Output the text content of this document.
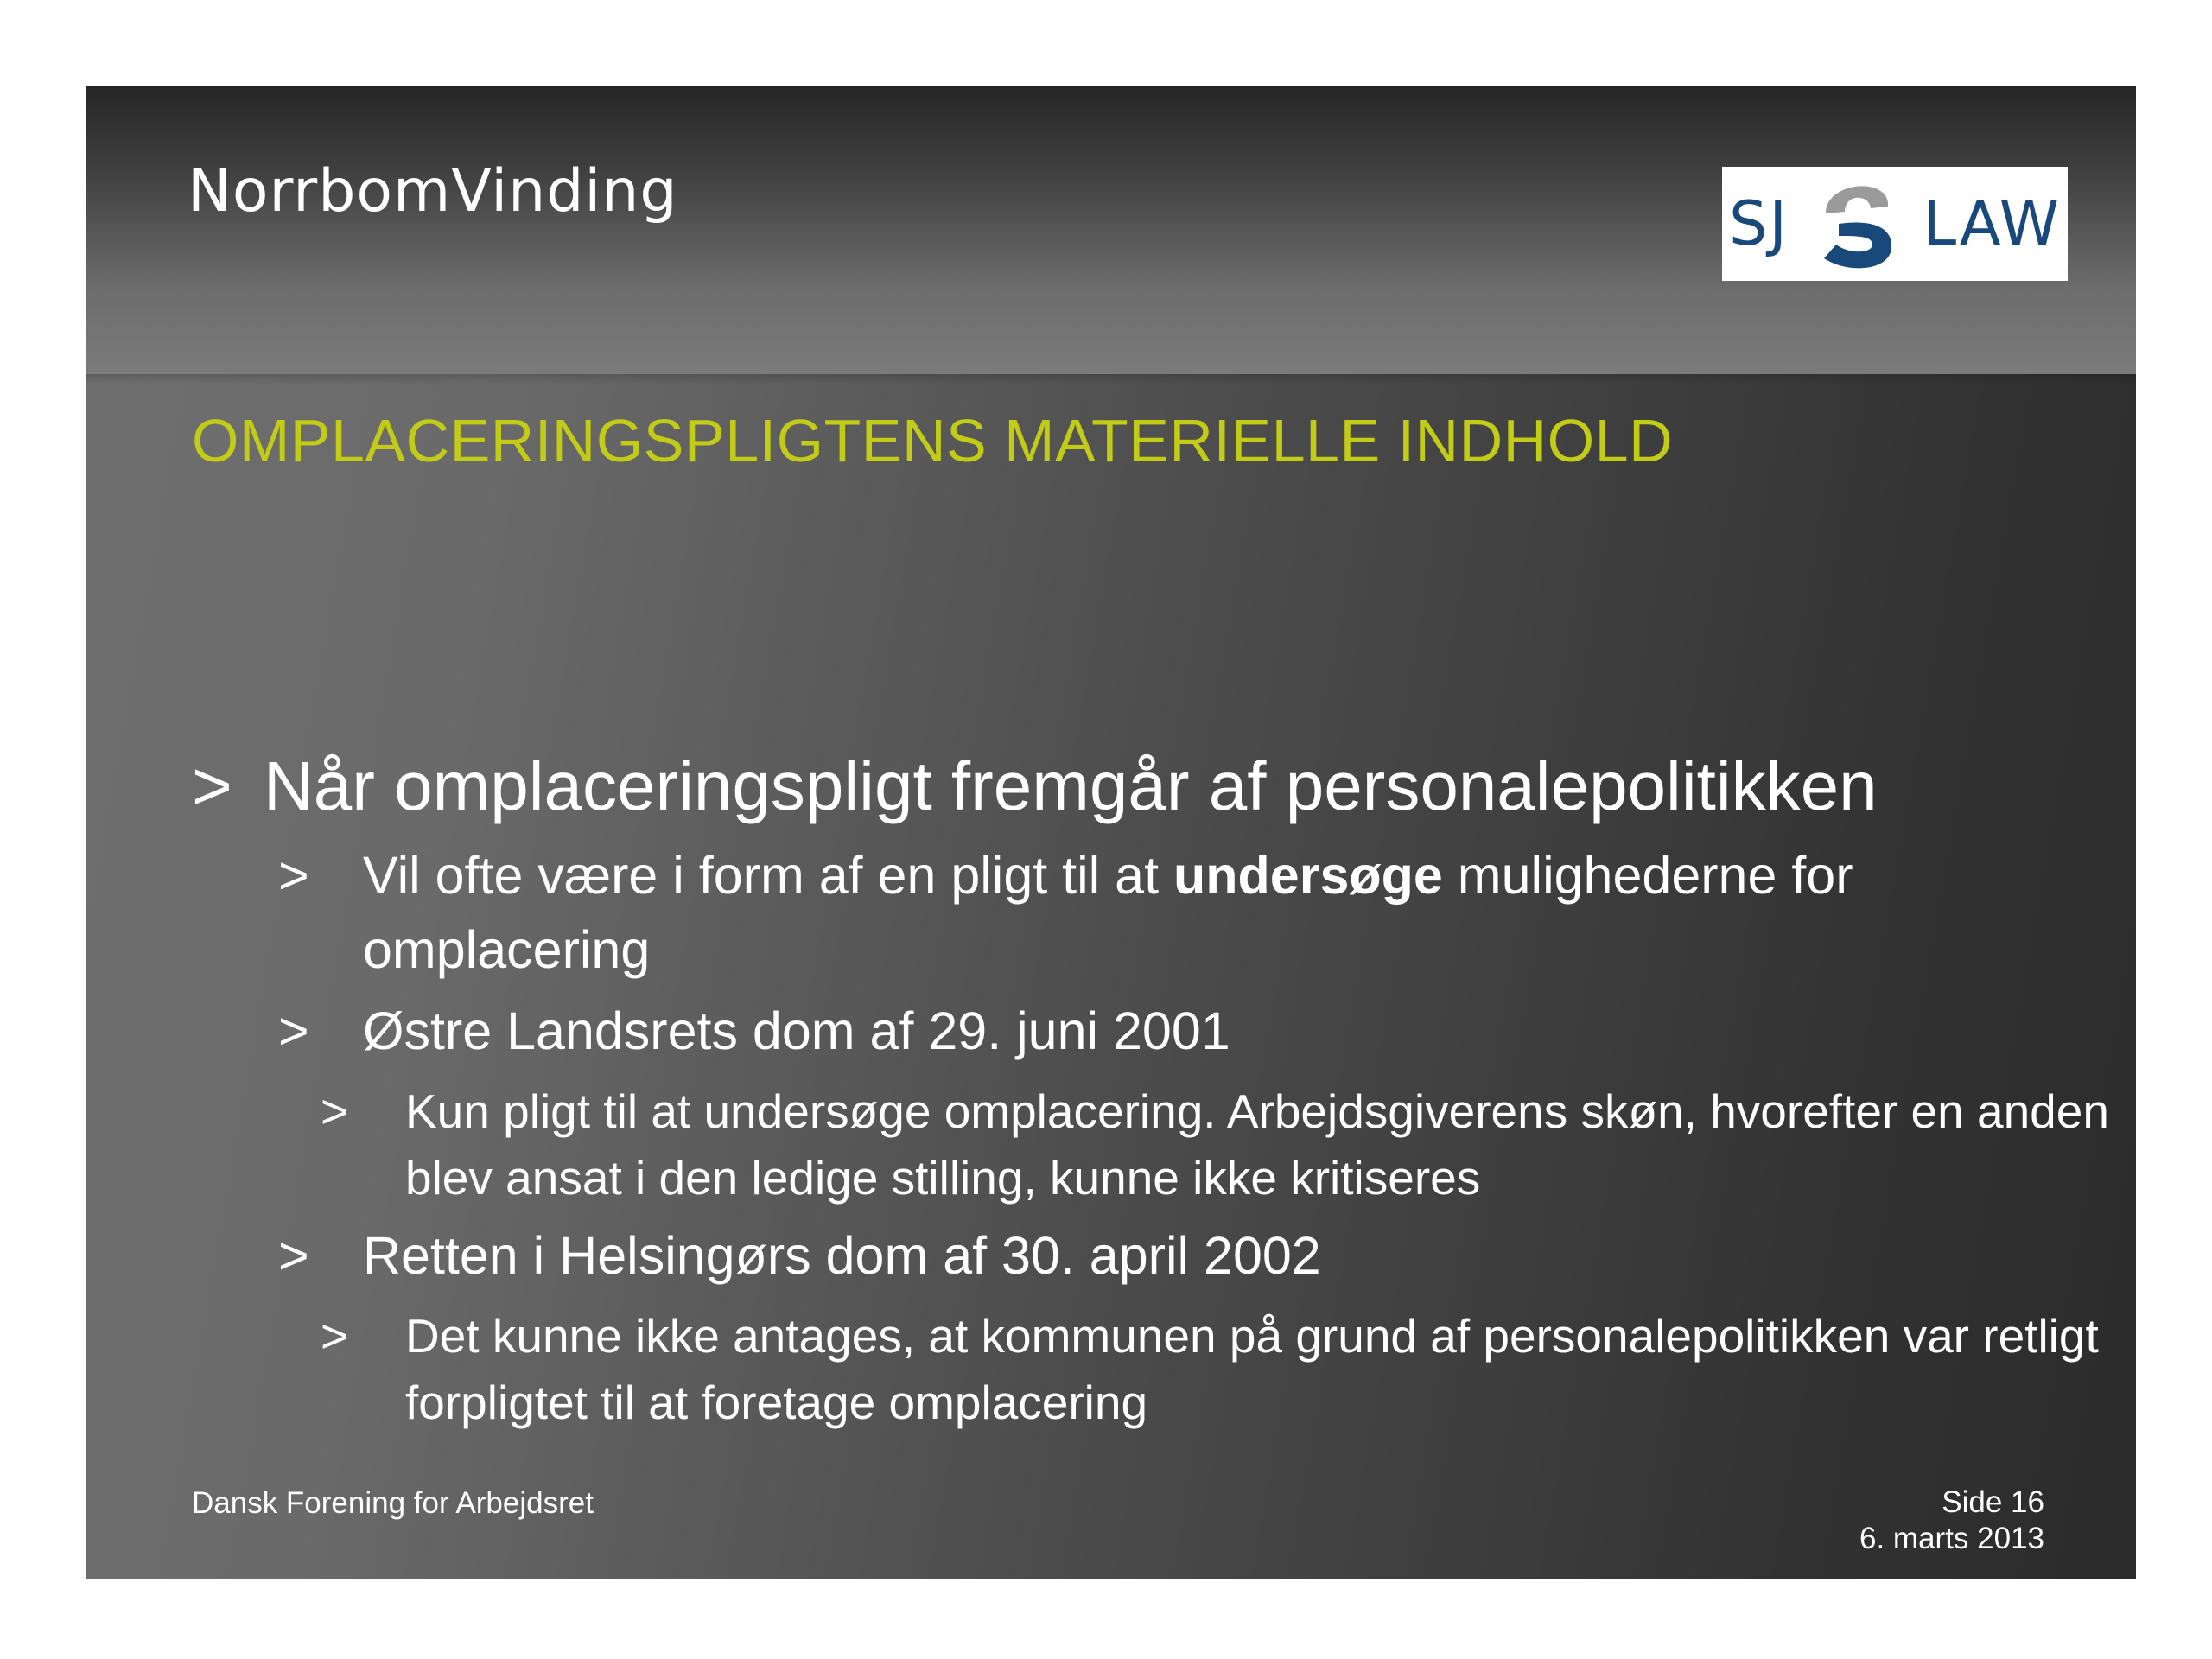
NorrbomVinding	SJ LAW
OMPLACERINGSPLIGTENS MATERIELLE INDHOLD
> Når omplaceringspligt fremgår af personalepolitikken
> Vil ofte være i form af en pligt til at undersøge mulighederne for omplacering
> Østre Landsrets dom af 29. juni 2001
> Kun pligt til at undersøge omplacering. Arbejdsgiverens skøn, hvorefter en anden blev ansat i den ledige stilling, kunne ikke kritiseres
> Retten i Helsingørs dom af 30. april 2002
> Det kunne ikke antages, at kommunen på grund af personalepolitikken var retligt forpligtet til at foretage omplacering
Dansk Forening for Arbejdsret	Side 16
6. marts 2013
